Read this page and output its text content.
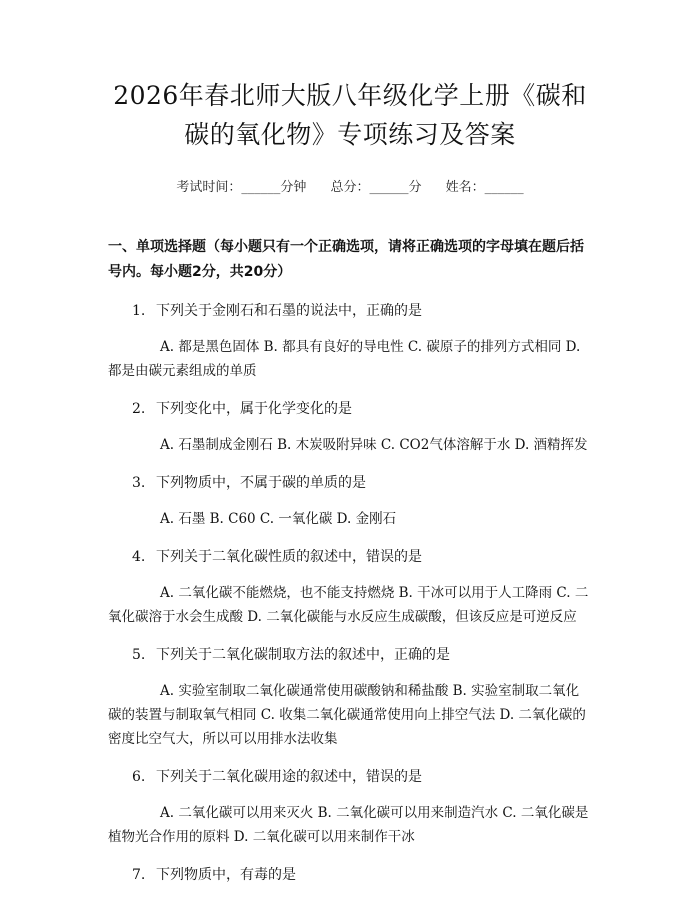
2026年春北师大版八年级化学上册《碳和碳的氧化物》专项练习及答案
考试时间：______分钟 总分：______分 姓名：______
一、单项选择题（每小题只有一个正确选项，请将正确选项的字母填在题后括号内。每小题2分，共20分）
1. 下列关于金刚石和石墨的说法中，正确的是
A. 都是黑色固体 B. 都具有良好的导电性 C. 碳原子的排列方式相同 D. 都是由碳元素组成的单质
2. 下列变化中，属于化学变化的是
A. 石墨制成金刚石 B. 木炭吸附异味 C. CO2气体溶解于水 D. 酒精挥发
3. 下列物质中，不属于碳的单质的是
A. 石墨 B. C60 C. 一氧化碳 D. 金刚石
4. 下列关于二氧化碳性质的叙述中，错误的是
A. 二氧化碳不能燃烧，也不能支持燃烧 B. 干冰可以用于人工降雨 C. 二氧化碳溶于水会生成酸 D. 二氧化碳能与水反应生成碳酸，但该反应是可逆反应
5. 下列关于二氧化碳制取方法的叙述中，正确的是
A. 实验室制取二氧化碳通常使用碳酸钠和稀盐酸 B. 实验室制取二氧化碳的装置与制取氧气相同 C. 收集二氧化碳通常使用向上排空气法 D. 二氧化碳的密度比空气大，所以可以用排水法收集
6. 下列关于二氧化碳用途的叙述中，错误的是
A. 二氧化碳可以用来灭火 B. 二氧化碳可以用来制造汽水 C. 二氧化碳是植物光合作用的原料 D. 二氧化碳可以用来制作干冰
7. 下列物质中，有毒的是
